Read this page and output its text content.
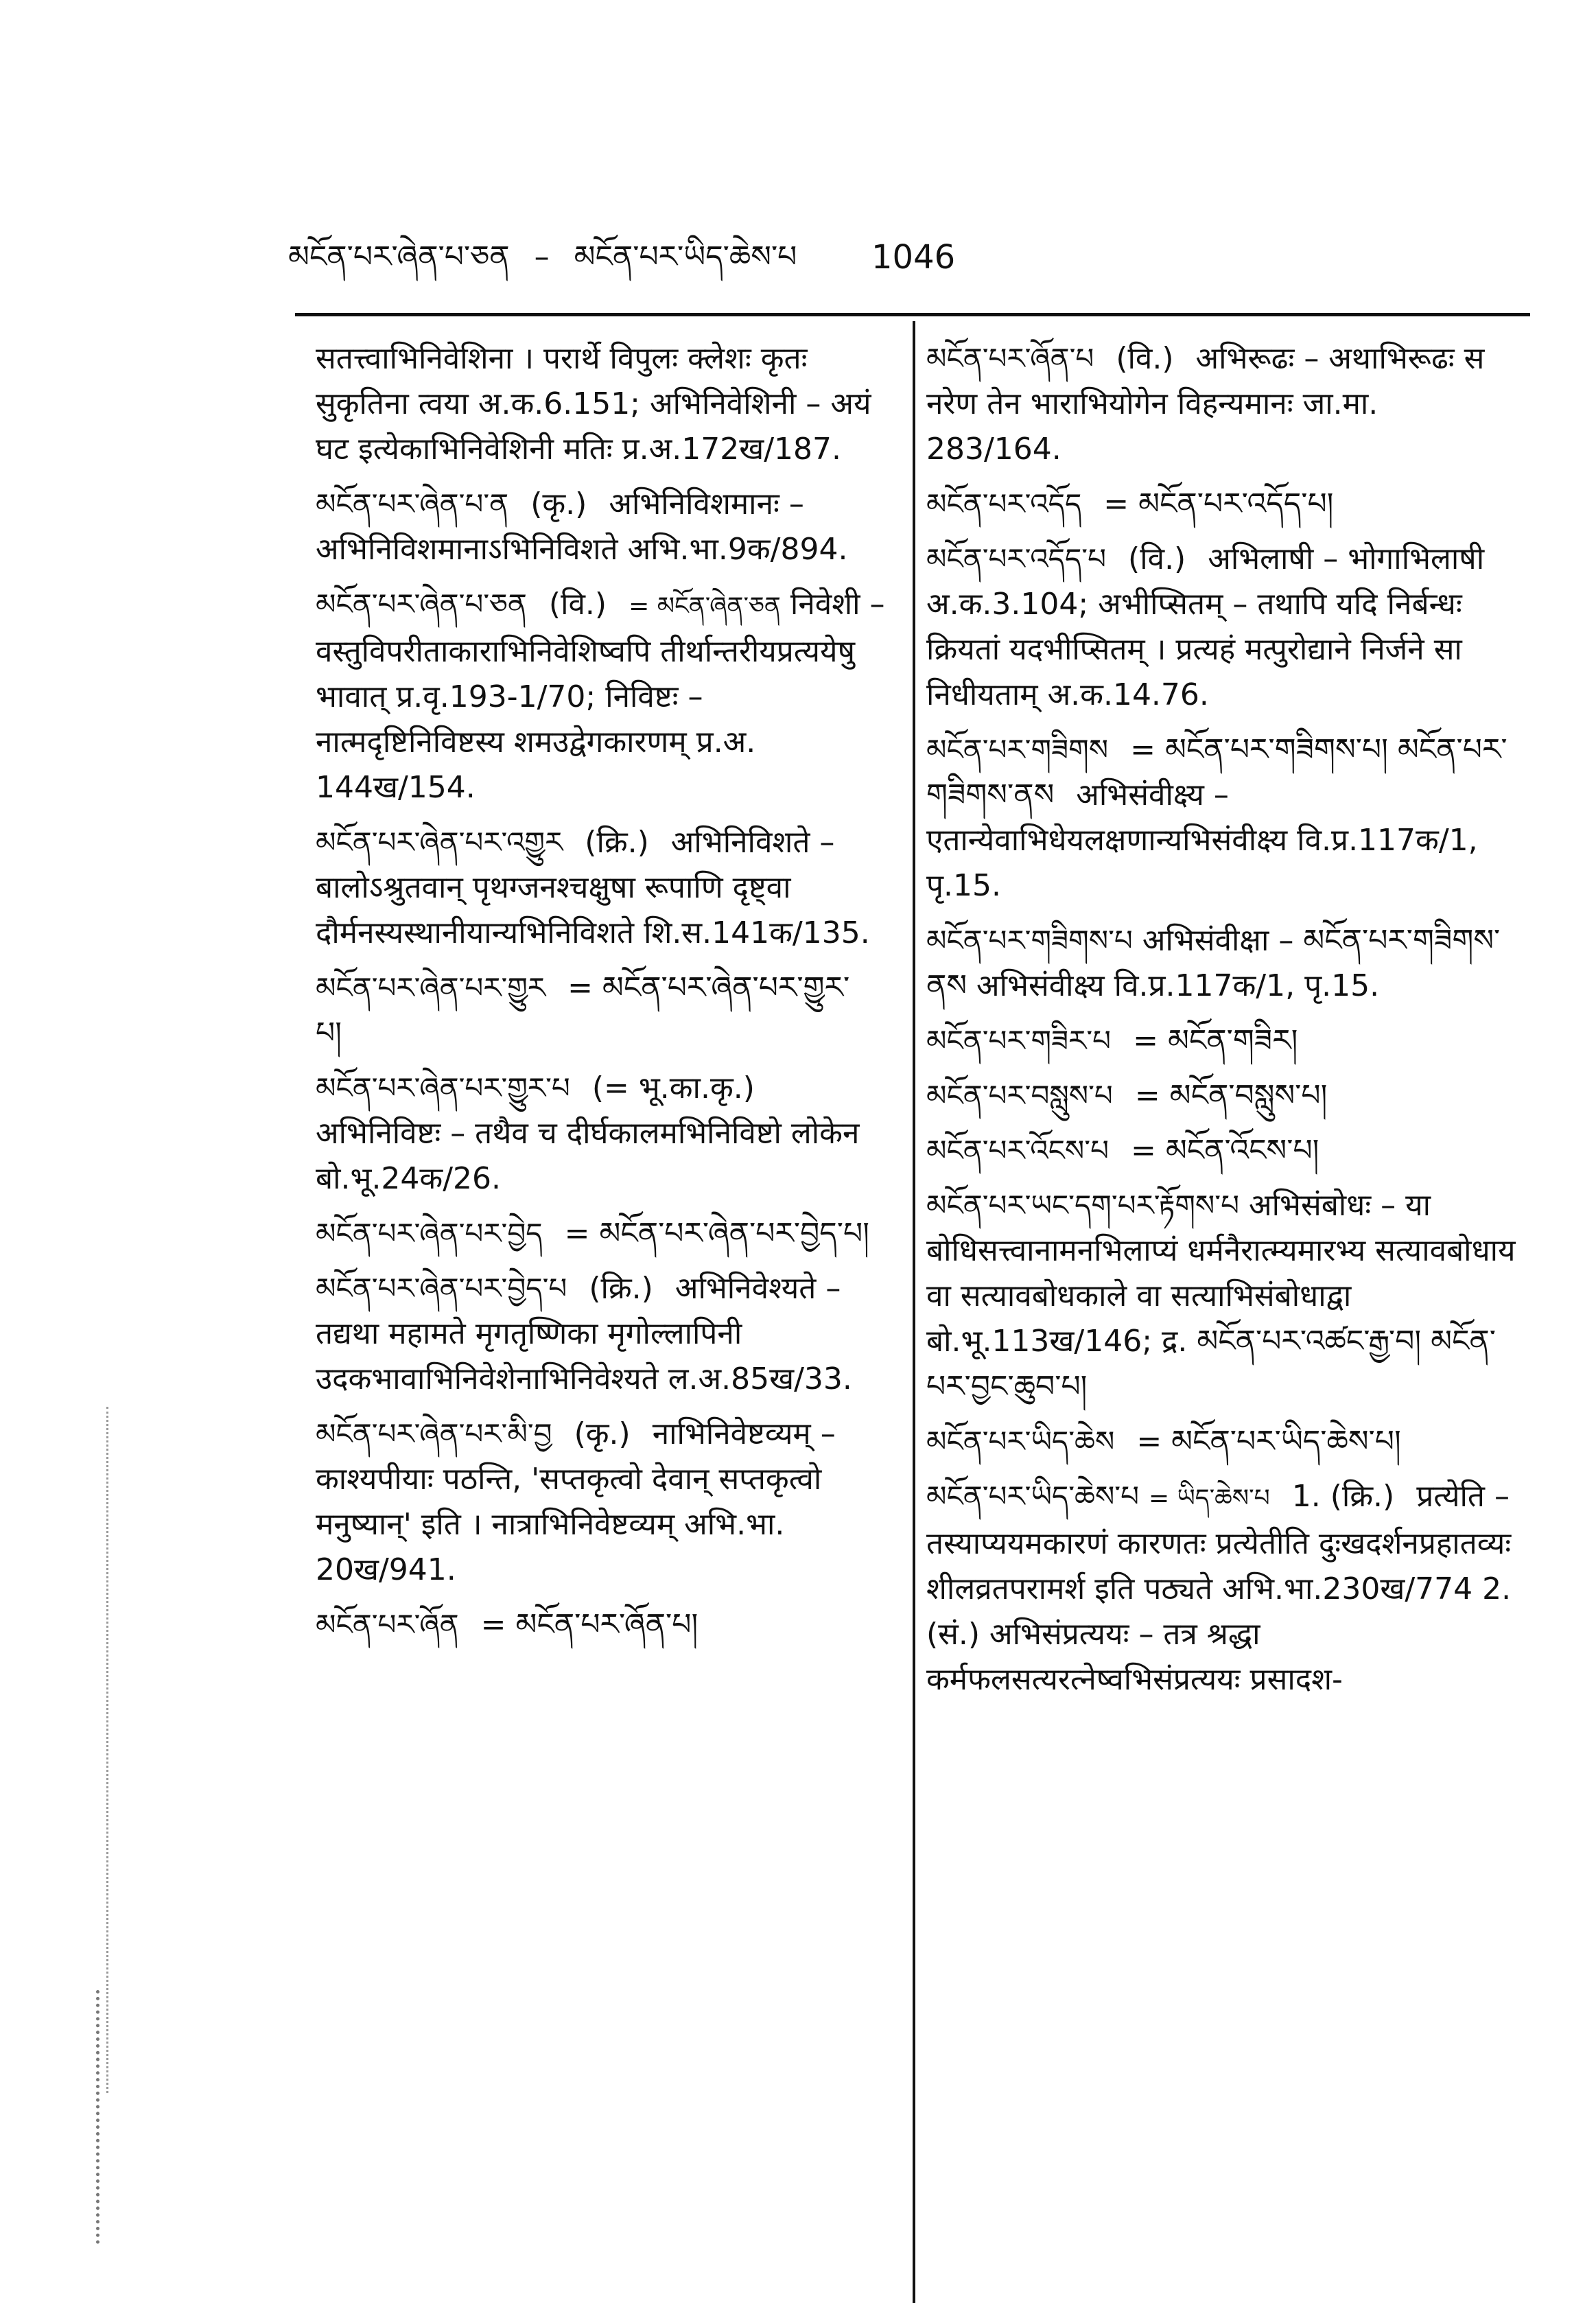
མངོན་པར་ཞེན་པ་ཅན – མངོན་པར་ཡིད་ཆེས་པ	1046
सतत्त्वाभिनिवेशिना । परार्थे विपुलः क्लेशः कृतः सुकृतिना त्वया अ.क.6.151; अभिनिवेशिनी – अयं घट इत्येकाभिनिवेशिनी मतिः प्र.अ.172ख/187.
མངོན་པར་ཞེན་པ་ན (कृ.) अभिनिविशमानः – अभिनिविशमानाऽभिनिविशते अभि.भा.9क/894.
མངོན་པར་ཞེན་པ་ཅན (वि.) = མངོན་ཞེན་ཅན निवेशी – वस्तुविपरीताकाराभिनिवेशिष्वपि तीर्थान्तरीयप्रत्ययेषु भावात् प्र.वृ.193-1/70; निविष्टः – नात्मदृष्टिनिविष्टस्य शमउद्वेगकारणम् प्र.अ. 144ख/154.
མངོན་པར་ཞེན་པར་འགྱུར (क्रि.) अभिनिविशते – बालोऽश्रुतवान् पृथग्जनश्चक्षुषा रूपाणि दृष्ट्वा दौर्मनस्यस्थानीयान्यभिनिविशते शि.स.141क/135.
མངོན་པར་ཞེན་པར་གྱུར = མངོན་པར་ཞེན་པར་གྱུར་པ།
མངོན་པར་ཞེན་པར་གྱུར་པ (= भू.का.कृ.) अभिनिविष्टः – तथैव च दीर्घकालमभिनिविष्टो लोकेन बो.भू.24क/26.
མངོན་པར་ཞེན་པར་བྱེད = མངོན་པར་ཞེན་པར་བྱེད་པ།
མངོན་པར་ཞེན་པར་བྱེད་པ (क्रि.) अभिनिवेश्यते – तद्यथा महामते मृगतृष्णिका मृगोल्लापिनी उदकभावाभिनिवेशेनाभिनिवेश्यते ल.अ.85ख/33.
མངོན་པར་ཞེན་པར་མི་བྱ (कृ.) नाभिनिवेष्टव्यम् – काश्यपीयाः पठन्ति, 'सप्तकृत्वो देवान् सप्तकृत्वो मनुष्यान्' इति । नात्राभिनिवेष्टव्यम् अभि.भा. 20ख/941.
མངོན་པར་ཞོན = མངོན་པར་ཞོན་པ།
མངོན་པར་ཞོན་པ (वि.) अभिरूढः – अथाभिरूढः स नरेण तेन भाराभियोगेन विहन्यमानः जा.मा. 283/164.
མངོན་པར་འདོད = མངོན་པར་འདོད་པ།
མངོན་པར་འདོད་པ (वि.) अभिलाषी – भोगाभिलाषी अ.क.3.104; अभीप्सितम् – तथापि यदि निर्बन्धः क्रियतां यदभीप्सितम् । प्रत्यहं मत्पुरोद्याने निर्जने सा निधीयताम् अ.क.14.76.
མངོན་པར་གཟིགས = མངོན་པར་གཟིགས་པ། མངོན་པར་གཟིགས་ནས अभिसंवीक्ष्य – एतान्येवाभिधेयलक्षणान्यभिसंवीक्ष्य वि.प्र.117क/1, पृ.15.
མངོན་པར་གཟིགས་པ अभिसंवीक्षा – མངོན་པར་གཟིགས་ནས अभिसंवीक्ष्य वि.प्र.117क/1, पृ.15.
མངོན་པར་གཟིར་པ = མངོན་གཟིར།
མངོན་པར་བསླུས་པ = མངོན་བསླུས་པ།
མངོན་པར་འོངས་པ = མངོན་འོངས་པ།
མངོན་པར་ཡང་དག་པར་རྟོགས་པ अभिसंबोधः – या बोधिसत्त्वानामनभिलाप्यं धर्मनैरात्म्यमारभ्य सत्यावबोधाय वा सत्यावबोधकाले वा सत्याभिसंबोधाद्वा बो.भू.113ख/146; द्र. མངོན་པར་འཚང་རྒྱ་བ། མངོན་པར་བྱང་ཆུབ་པ།
མངོན་པར་ཡིད་ཆེས = མངོན་པར་ཡིད་ཆེས་པ།
མངོན་པར་ཡིད་ཆེས་པ = ཡིད་ཆེས་པ 1. (क्रि.) प्रत्येति – तस्याप्ययमकारणं कारणतः प्रत्येतीति दुःखदर्शनप्रहातव्यः शीलव्रतपरामर्श इति पठ्यते अभि.भा.230ख/774 2. (सं.) अभिसंप्रत्ययः – तत्र श्रद्धा कर्मफलसत्यरत्नेष्वभिसंप्रत्ययः प्रसादश-
